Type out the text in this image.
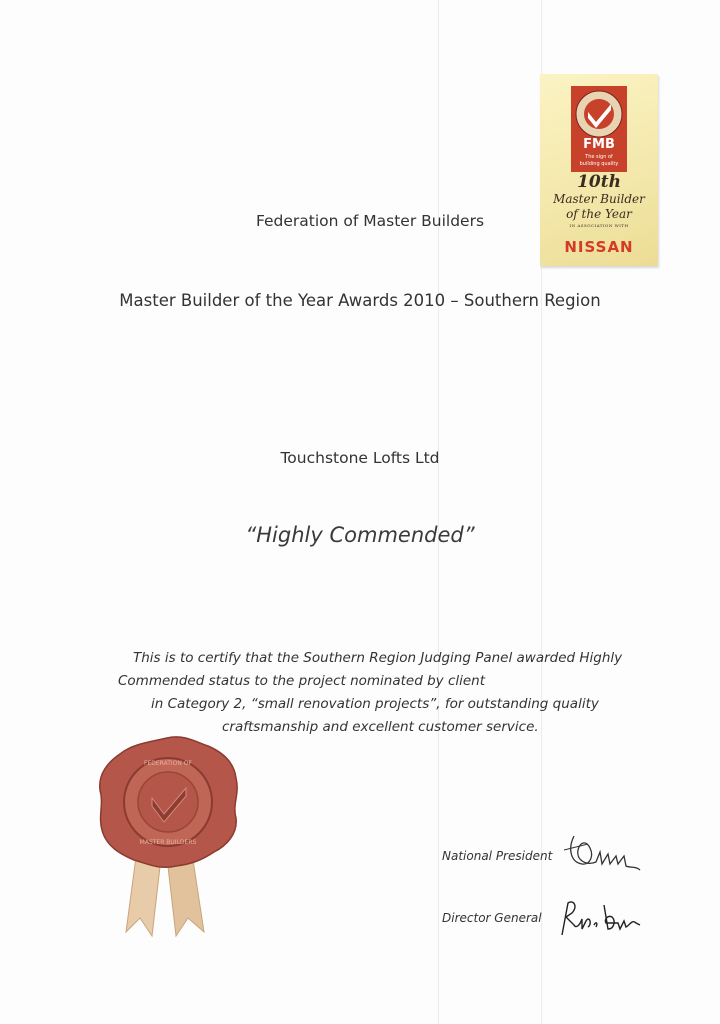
FMB
The sign of
building quality
10th
Master Builder
of the Year
IN ASSOCIATION WITH
NISSAN
Federation of Master Builders
Master Builder of the Year Awards 2010 – Southern Region
Touchstone Lofts Ltd
“Highly Commended”
This is to certify that the Southern Region Judging Panel awarded Highly
Commended status to the project nominated by client
in Category 2, “small renovation projects”, for outstanding quality
craftsmanship and excellent customer service.
FEDERATION OF
MASTER BUILDERS
National President
Director General
